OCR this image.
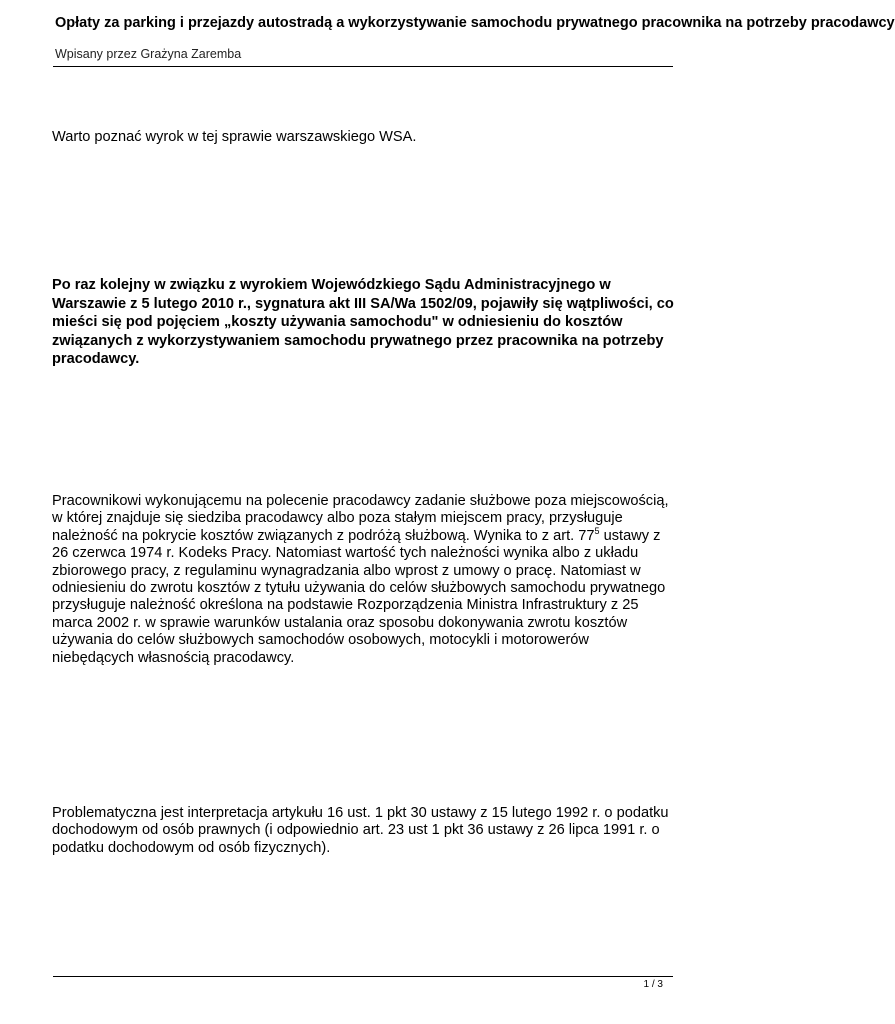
Opłaty za parking i przejazdy autostradą a wykorzystywanie samochodu prywatnego pracownika na potrzeby pracodawcy
Wpisany przez Grażyna Zaremba

Warto poznać wyrok w tej sprawie warszawskiego WSA.

Po raz kolejny w związku z wyrokiem Wojewódzkiego Sądu Administracyjnego w Warszawie z 5 lutego 2010 r., sygnatura akt III SA/Wa 1502/09, pojawiły się wątpliwości, co mieści się pod pojęciem „koszty używania samochodu" w odniesieniu do kosztów związanych z wykorzystywaniem samochodu prywatnego przez pracownika na potrzeby pracodawcy.

Pracownikowi wykonującemu na polecenie pracodawcy zadanie służbowe poza miejscowością, w której znajduje się siedziba pracodawcy albo poza stałym miejscem pracy, przysługuje należność na pokrycie kosztów związanych z podróżą służbową. Wynika to z art. $77^5$ ustawy z 26 czerwca 1974 r. Kodeks Pracy. Natomiast wartość tych należności wynika albo z układu zbiorowego pracy, z regulaminu wynagradzania albo wprost z umowy o pracę. Natomiast w odniesieniu do zwrotu kosztów z tytułu używania do celów służbowych samochodu prywatnego przysługuje należność określona na podstawie Rozporządzenia Ministra Infrastruktury z 25 marca 2002 r. w sprawie warunków ustalania oraz sposobu dokonywania zwrotu kosztów używania do celów służbowych samochodów osobowych, motocykli i motorowerów niebędących własnością pracodawcy.

Problematyczna jest interpretacja artykułu 16 ust. 1 pkt 30 ustawy z 15 lutego 1992 r. o podatku dochodowym od osób prawnych (i odpowiednio art. 23 ust 1 pkt 36 ustawy z 26 lipca 1991 r. o podatku dochodowym od osób fizycznych).

1 / 3
